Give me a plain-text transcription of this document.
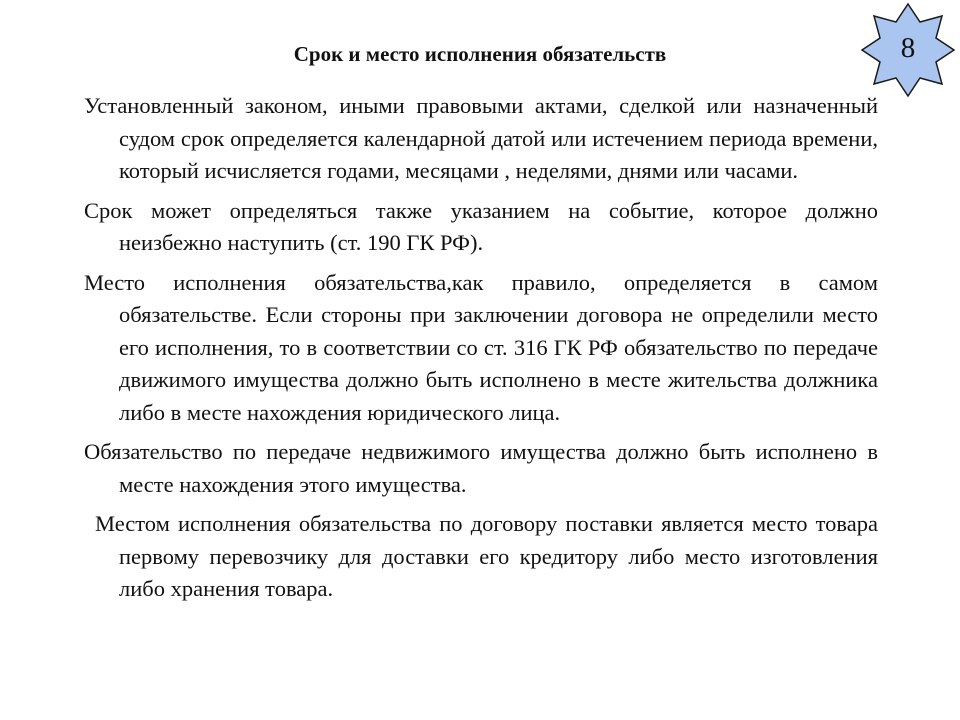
Срок и место исполнения обязательств	8

Установленный законом, иными правовыми актами, сделкой или назначенный судом срок определяется календарной датой или истечением периода времени, который исчисляется годами, месяцами , неделями, днями или часами.

Срок может определяться также указанием на событие, которое должно неизбежно наступить (ст. 190 ГК РФ).

Место исполнения обязательства,как правило, определяется в самом обязательстве. Если стороны при заключении договора не определили место его исполнения, то в соответствии со ст. 316 ГК РФ обязательство по передаче движимого имущества должно быть исполнено в месте жительства должника либо в месте нахождения юридического лица.

Обязательство по передаче недвижимого имущества должно быть исполнено в месте нахождения этого имущества.

Местом исполнения обязательства по договору поставки является место товара первому перевозчику для доставки его кредитору либо место изготовления либо хранения товара.
